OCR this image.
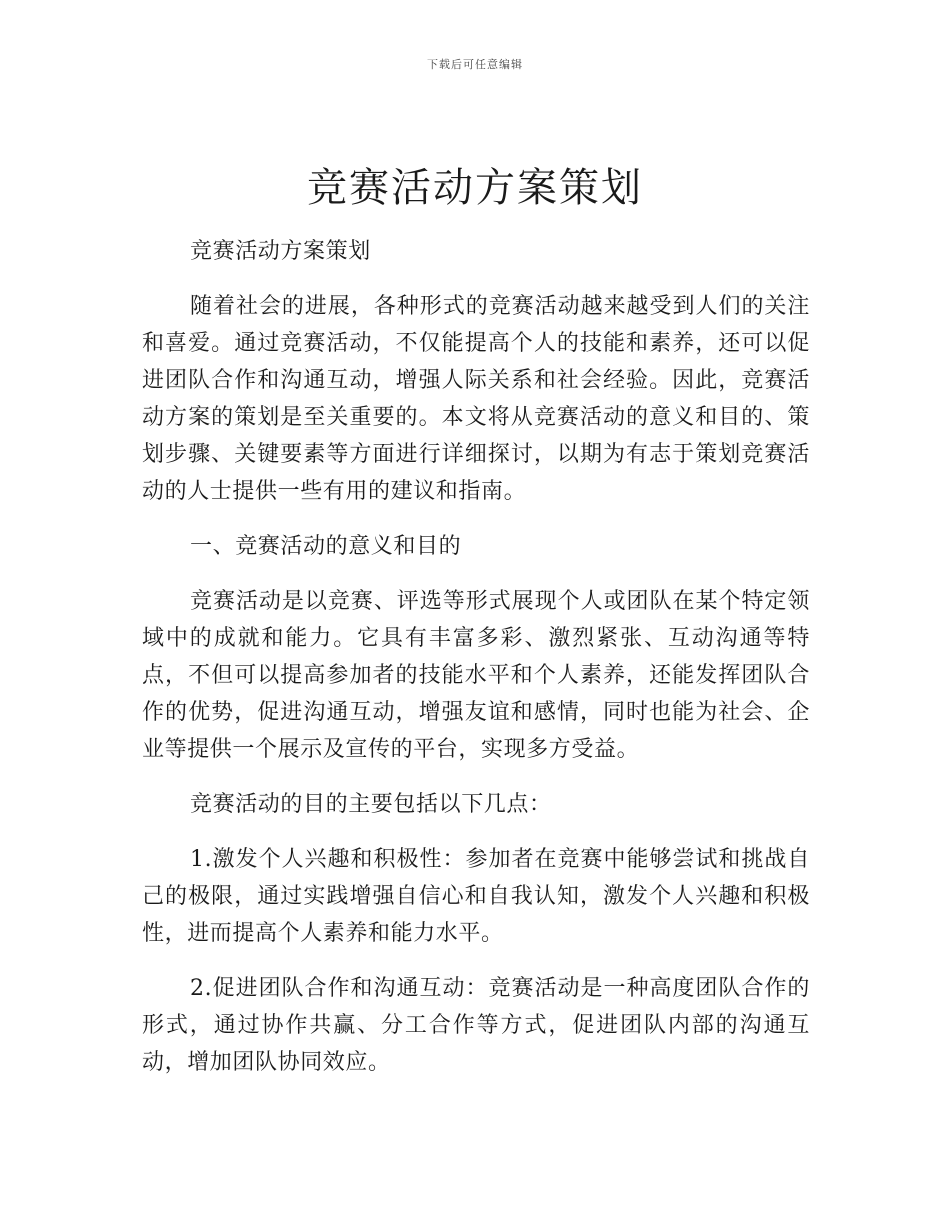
下载后可任意编辑
竞赛活动方案策划

竞赛活动方案策划

随着社会的进展，各种形式的竞赛活动越来越受到人们的关注和喜爱。通过竞赛活动，不仅能提高个人的技能和素养，还可以促进团队合作和沟通互动，增强人际关系和社会经验。因此，竞赛活动方案的策划是至关重要的。本文将从竞赛活动的意义和目的、策划步骤、关键要素等方面进行详细探讨，以期为有志于策划竞赛活动的人士提供一些有用的建议和指南。

一、竞赛活动的意义和目的

竞赛活动是以竞赛、评选等形式展现个人或团队在某个特定领域中的成就和能力。它具有丰富多彩、激烈紧张、互动沟通等特点，不但可以提高参加者的技能水平和个人素养，还能发挥团队合作的优势，促进沟通互动，增强友谊和感情，同时也能为社会、企业等提供一个展示及宣传的平台，实现多方受益。

竞赛活动的目的主要包括以下几点：

1.激发个人兴趣和积极性：参加者在竞赛中能够尝试和挑战自己的极限，通过实践增强自信心和自我认知，激发个人兴趣和积极性，进而提高个人素养和能力水平。

2.促进团队合作和沟通互动：竞赛活动是一种高度团队合作的形式，通过协作共赢、分工合作等方式，促进团队内部的沟通互动，增加团队协同效应。
